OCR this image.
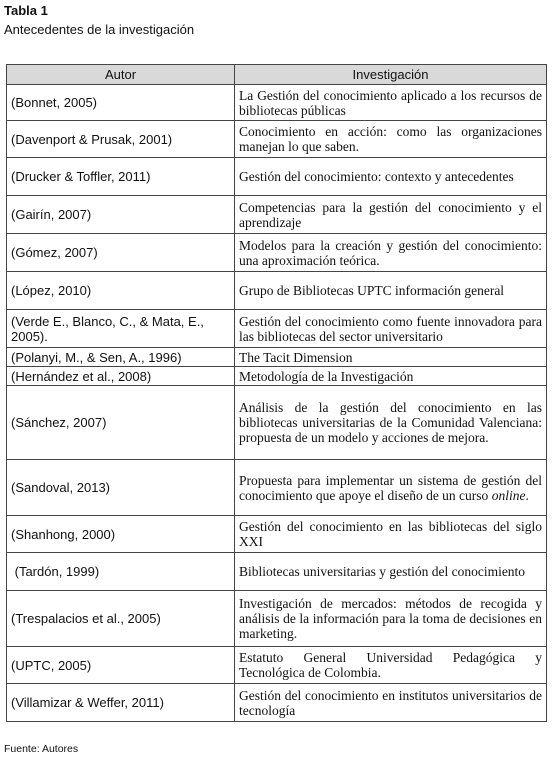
Tabla 1
Antecedentes de la investigación
Autor	Investigación
(Bonnet, 2005)	La Gestión del conocimiento aplicado a los recursos de bibliotecas públicas
(Davenport & Prusak, 2001)	Conocimiento en acción: como las organizaciones manejan lo que saben.
(Drucker & Toffler, 2011)	Gestión del conocimiento: contexto y antecedentes
(Gairín, 2007)	Competencias para la gestión del conocimiento y el aprendizaje
(Gómez, 2007)	Modelos para la creación y gestión del conocimiento: una aproximación teórica.
(López, 2010)	Grupo de Bibliotecas UPTC información general
(Verde E., Blanco, C., & Mata, E., 2005).	Gestión del conocimiento como fuente innovadora para las bibliotecas del sector universitario
(Polanyi, M., & Sen, A., 1996)	The Tacit Dimension
(Hernández et al., 2008)	Metodología de la Investigación
(Sánchez, 2007)	Análisis de la gestión del conocimiento en las bibliotecas universitarias de la Comunidad Valenciana: propuesta de un modelo y acciones de mejora.
(Sandoval, 2013)	Propuesta para implementar un sistema de gestión del conocimiento que apoye el diseño de un curso online.
(Shanhong, 2000)	Gestión del conocimiento en las bibliotecas del siglo XXI
(Tardón, 1999)	Bibliotecas universitarias y gestión del conocimiento
(Trespalacios et al., 2005)	Investigación de mercados: métodos de recogida y análisis de la información para la toma de decisiones en marketing.
(UPTC, 2005)	Estatuto General Universidad Pedagógica y Tecnológica de Colombia.
(Villamizar & Weffer, 2011)	Gestión del conocimiento en institutos universitarios de tecnología
Fuente: Autores
